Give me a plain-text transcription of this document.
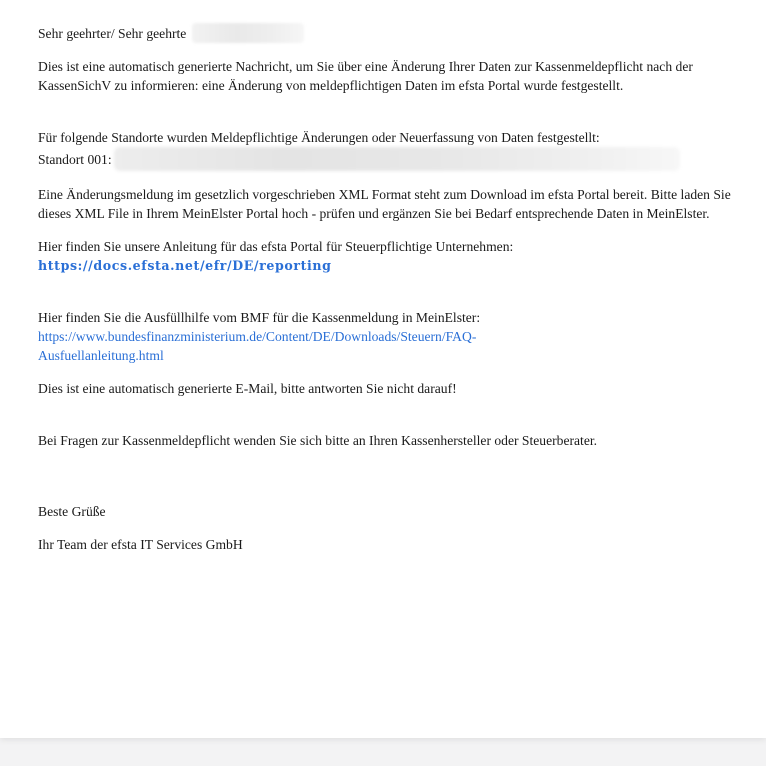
Sehr geehrter/ Sehr geehrte

Dies ist eine automatisch generierte Nachricht, um Sie über eine Änderung Ihrer Daten zur Kassenmeldepflicht nach der KassenSichV zu informieren: eine Änderung von meldepflichtigen Daten im efsta Portal wurde festgestellt.

Für folgende Standorte wurden Meldepflichtige Änderungen oder Neuerfassung von Daten festgestellt:

Standort 001:

Eine Änderungsmeldung im gesetzlich vorgeschrieben XML Format steht zum Download im efsta Portal bereit. Bitte laden Sie dieses XML File in Ihrem MeinElster Portal hoch - prüfen und ergänzen Sie bei Bedarf entsprechende Daten in MeinElster.

Hier finden Sie unsere Anleitung für das efsta Portal für Steuerpflichtige Unternehmen:

https://docs.efsta.net/efr/DE/reporting

Hier finden Sie die Ausfüllhilfe vom BMF für die Kassenmeldung in MeinElster:

https://www.bundesfinanzministerium.de/Content/DE/Downloads/Steuern/FAQ-
Ausfuellanleitung.html

Dies ist eine automatisch generierte E-Mail, bitte antworten Sie nicht darauf!

Bei Fragen zur Kassenmeldepflicht wenden Sie sich bitte an Ihren Kassenhersteller oder Steuerberater.

Beste Grüße

Ihr Team der efsta IT Services GmbH
